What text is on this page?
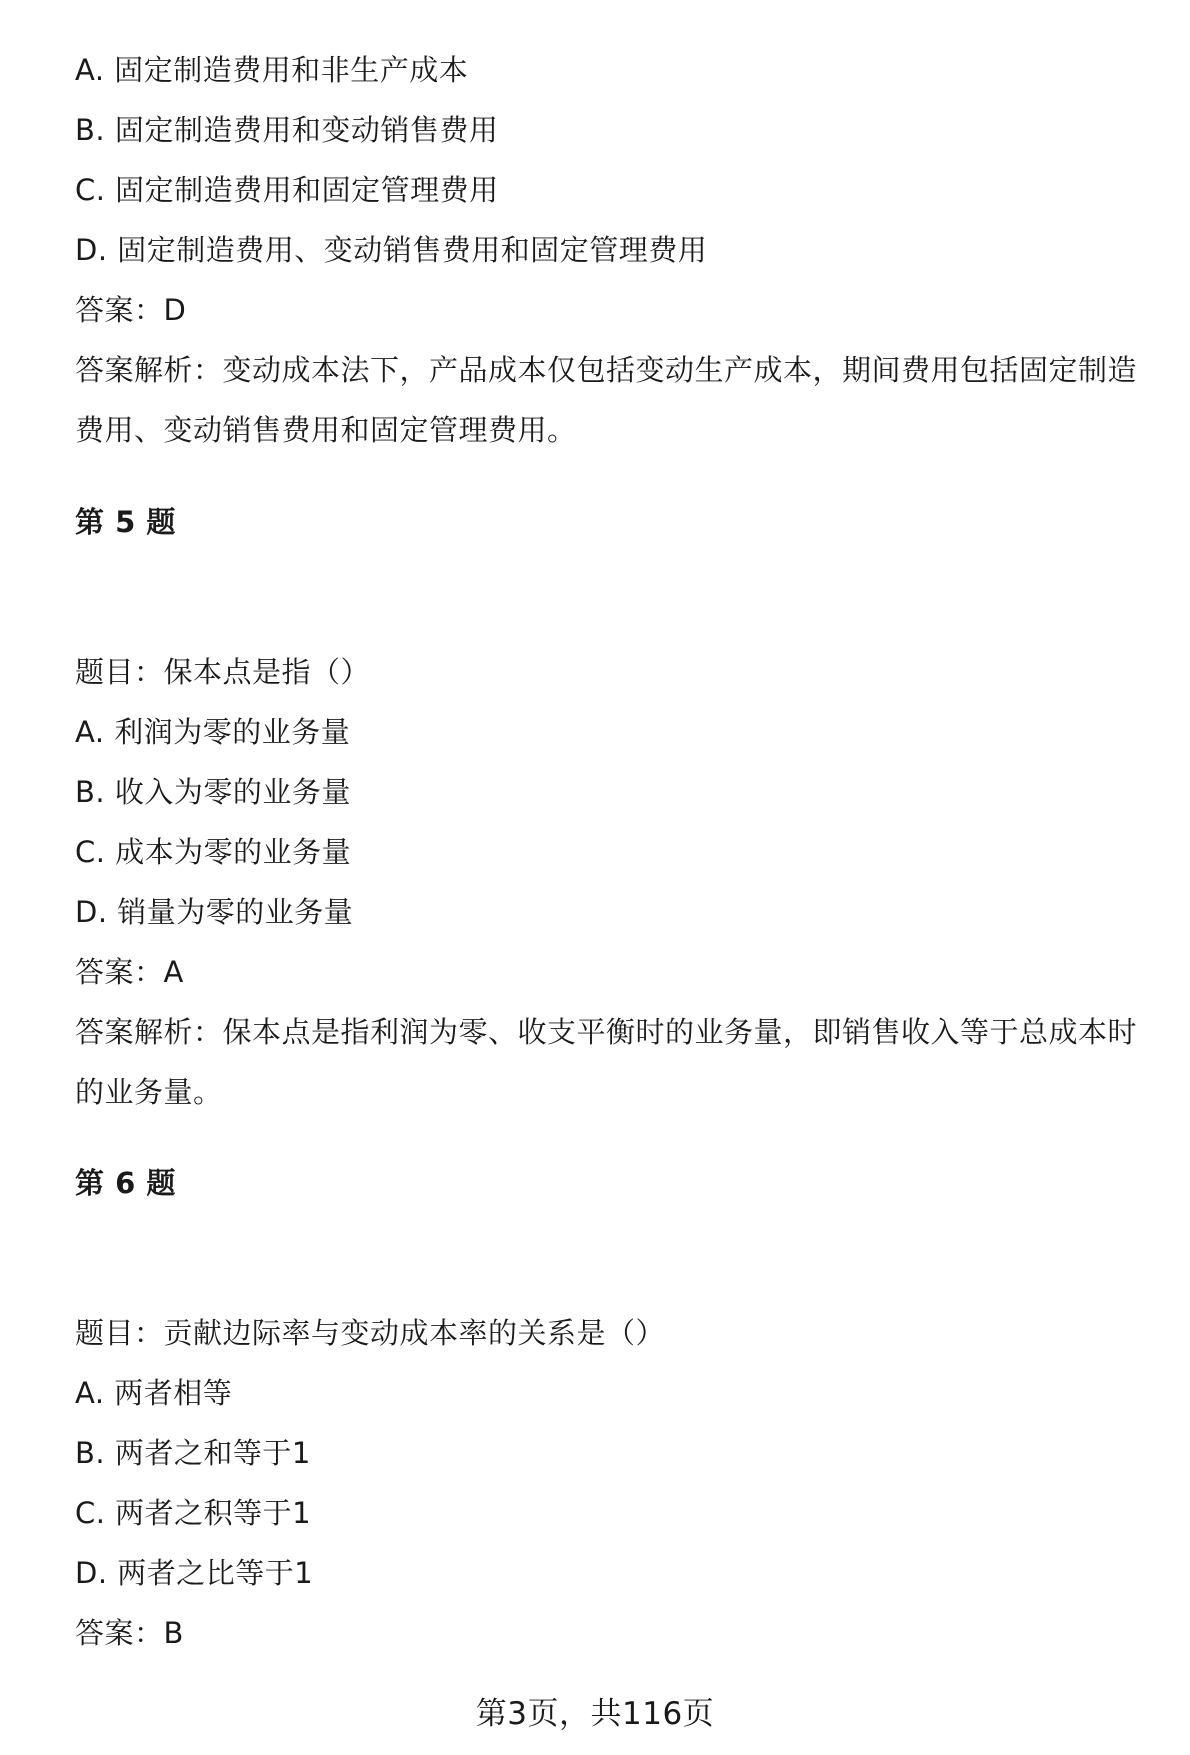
A. 固定制造费用和非生产成本
B. 固定制造费用和变动销售费用
C. 固定制造费用和固定管理费用
D. 固定制造费用、变动销售费用和固定管理费用
答案：D
答案解析：变动成本法下，产品成本仅包括变动生产成本，期间费用包括固定制造
费用、变动销售费用和固定管理费用。
第 5 题
题目：保本点是指（）
A. 利润为零的业务量
B. 收入为零的业务量
C. 成本为零的业务量
D. 销量为零的业务量
答案：A
答案解析：保本点是指利润为零、收支平衡时的业务量，即销售收入等于总成本时
的业务量。
第 6 题
题目：贡献边际率与变动成本率的关系是（）
A. 两者相等
B. 两者之和等于1
C. 两者之积等于1
D. 两者之比等于1
答案：B
第3页，共116页
